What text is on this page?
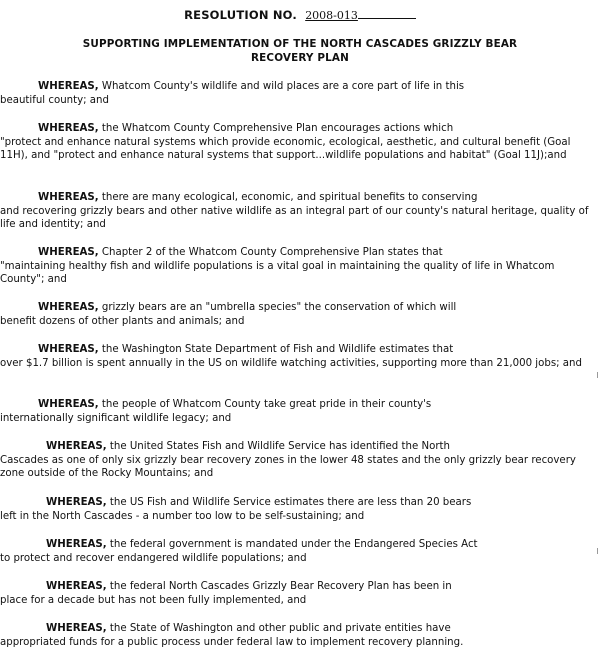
RESOLUTION NO. 2008-013
SUPPORTING IMPLEMENTATION OF THE NORTH CASCADES GRIZZLY BEAR
RECOVERY PLAN
WHEREAS, Whatcom County's wildlife and wild places are a core part of life in this
beautiful county; and
WHEREAS, the Whatcom County Comprehensive Plan encourages actions which
"protect and enhance natural systems which provide economic, ecological, aesthetic, and cultural benefit (Goal 11H), and "protect and enhance natural systems that support...wildlife populations and habitat" (Goal 11J);and
WHEREAS, there are many ecological, economic, and spiritual benefits to conserving
and recovering grizzly bears and other native wildlife as an integral part of our county's natural heritage, quality of life and identity; and
WHEREAS, Chapter 2 of the Whatcom County Comprehensive Plan states that
"maintaining healthy fish and wildlife populations is a vital goal in maintaining the quality of life in Whatcom County"; and
WHEREAS, grizzly bears are an "umbrella species" the conservation of which will
benefit dozens of other plants and animals; and
WHEREAS, the Washington State Department of Fish and Wildlife estimates that
over $1.7 billion is spent annually in the US on wildlife watching activities, supporting more than 21,000 jobs; and
WHEREAS, the people of Whatcom County take great pride in their county's
internationally significant wildlife legacy; and
WHEREAS, the United States Fish and Wildlife Service has identified the North
Cascades as one of only six grizzly bear recovery zones in the lower 48 states and the only grizzly bear recovery zone outside of the Rocky Mountains; and
WHEREAS, the US Fish and Wildlife Service estimates there are less than 20 bears
left in the North Cascades - a number too low to be self-sustaining; and
WHEREAS, the federal government is mandated under the Endangered Species Act
to protect and recover endangered wildlife populations; and
WHEREAS, the federal North Cascades Grizzly Bear Recovery Plan has been in
place for a decade but has not been fully implemented, and
WHEREAS, the State of Washington and other public and private entities have
appropriated funds for a public process under federal law to implement recovery planning.
